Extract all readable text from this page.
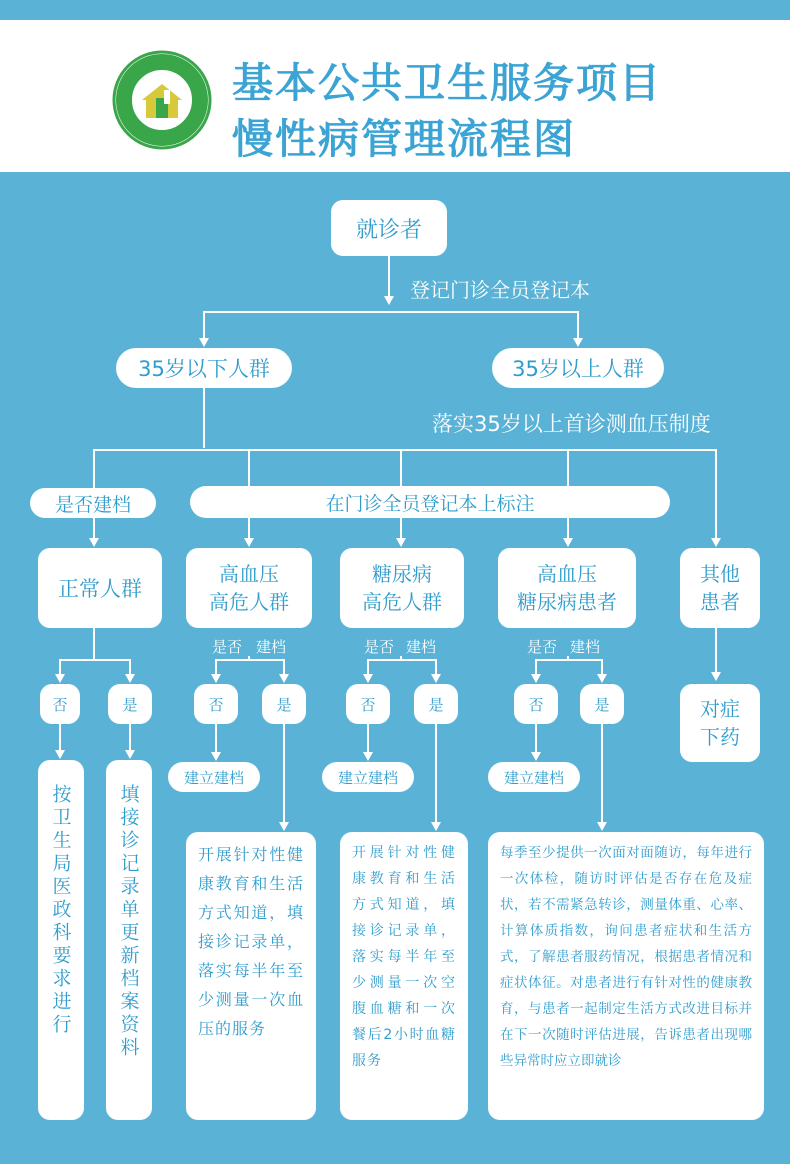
基本公共卫生服务项目
慢性病管理流程图
就诊者
登记门诊全员登记本
35岁以下人群	35岁以上人群
落实35岁以上首诊测血压制度
是否建档	在门诊全员登记本上标注
正常人群
高血压
高危人群
糖尿病
高危人群
高血压
糖尿病患者
其他
患者
是否 建档	是否 建档	是否 建档
否	是	否	是	否	是	否	是	对症
下药
建立建档	建立建档	建立建档
按卫生局医政科要求进行 填接诊记录单更新档案资料	开展针对性健康教育和生活方式知道，填接诊记录单，落实每半年至少测量一次血压的服务
开展针对性健康教育和生活方式知道，填接诊记录单，落实每半年至少测量一次空腹血糖和一次餐后2小时血糖服务
每季至少提供一次面对面随访，每年进行一次体检，随访时评估是否存在危及症状，若不需紧急转诊，测量体重、心率、计算体质指数，询问患者症状和生活方式，了解患者服药情况，根据患者情况和症状体征。对患者进行有针对性的健康教育，与患者一起制定生活方式改进目标并在下一次随时评估进展，告诉患者出现哪些异常时应立即就诊
